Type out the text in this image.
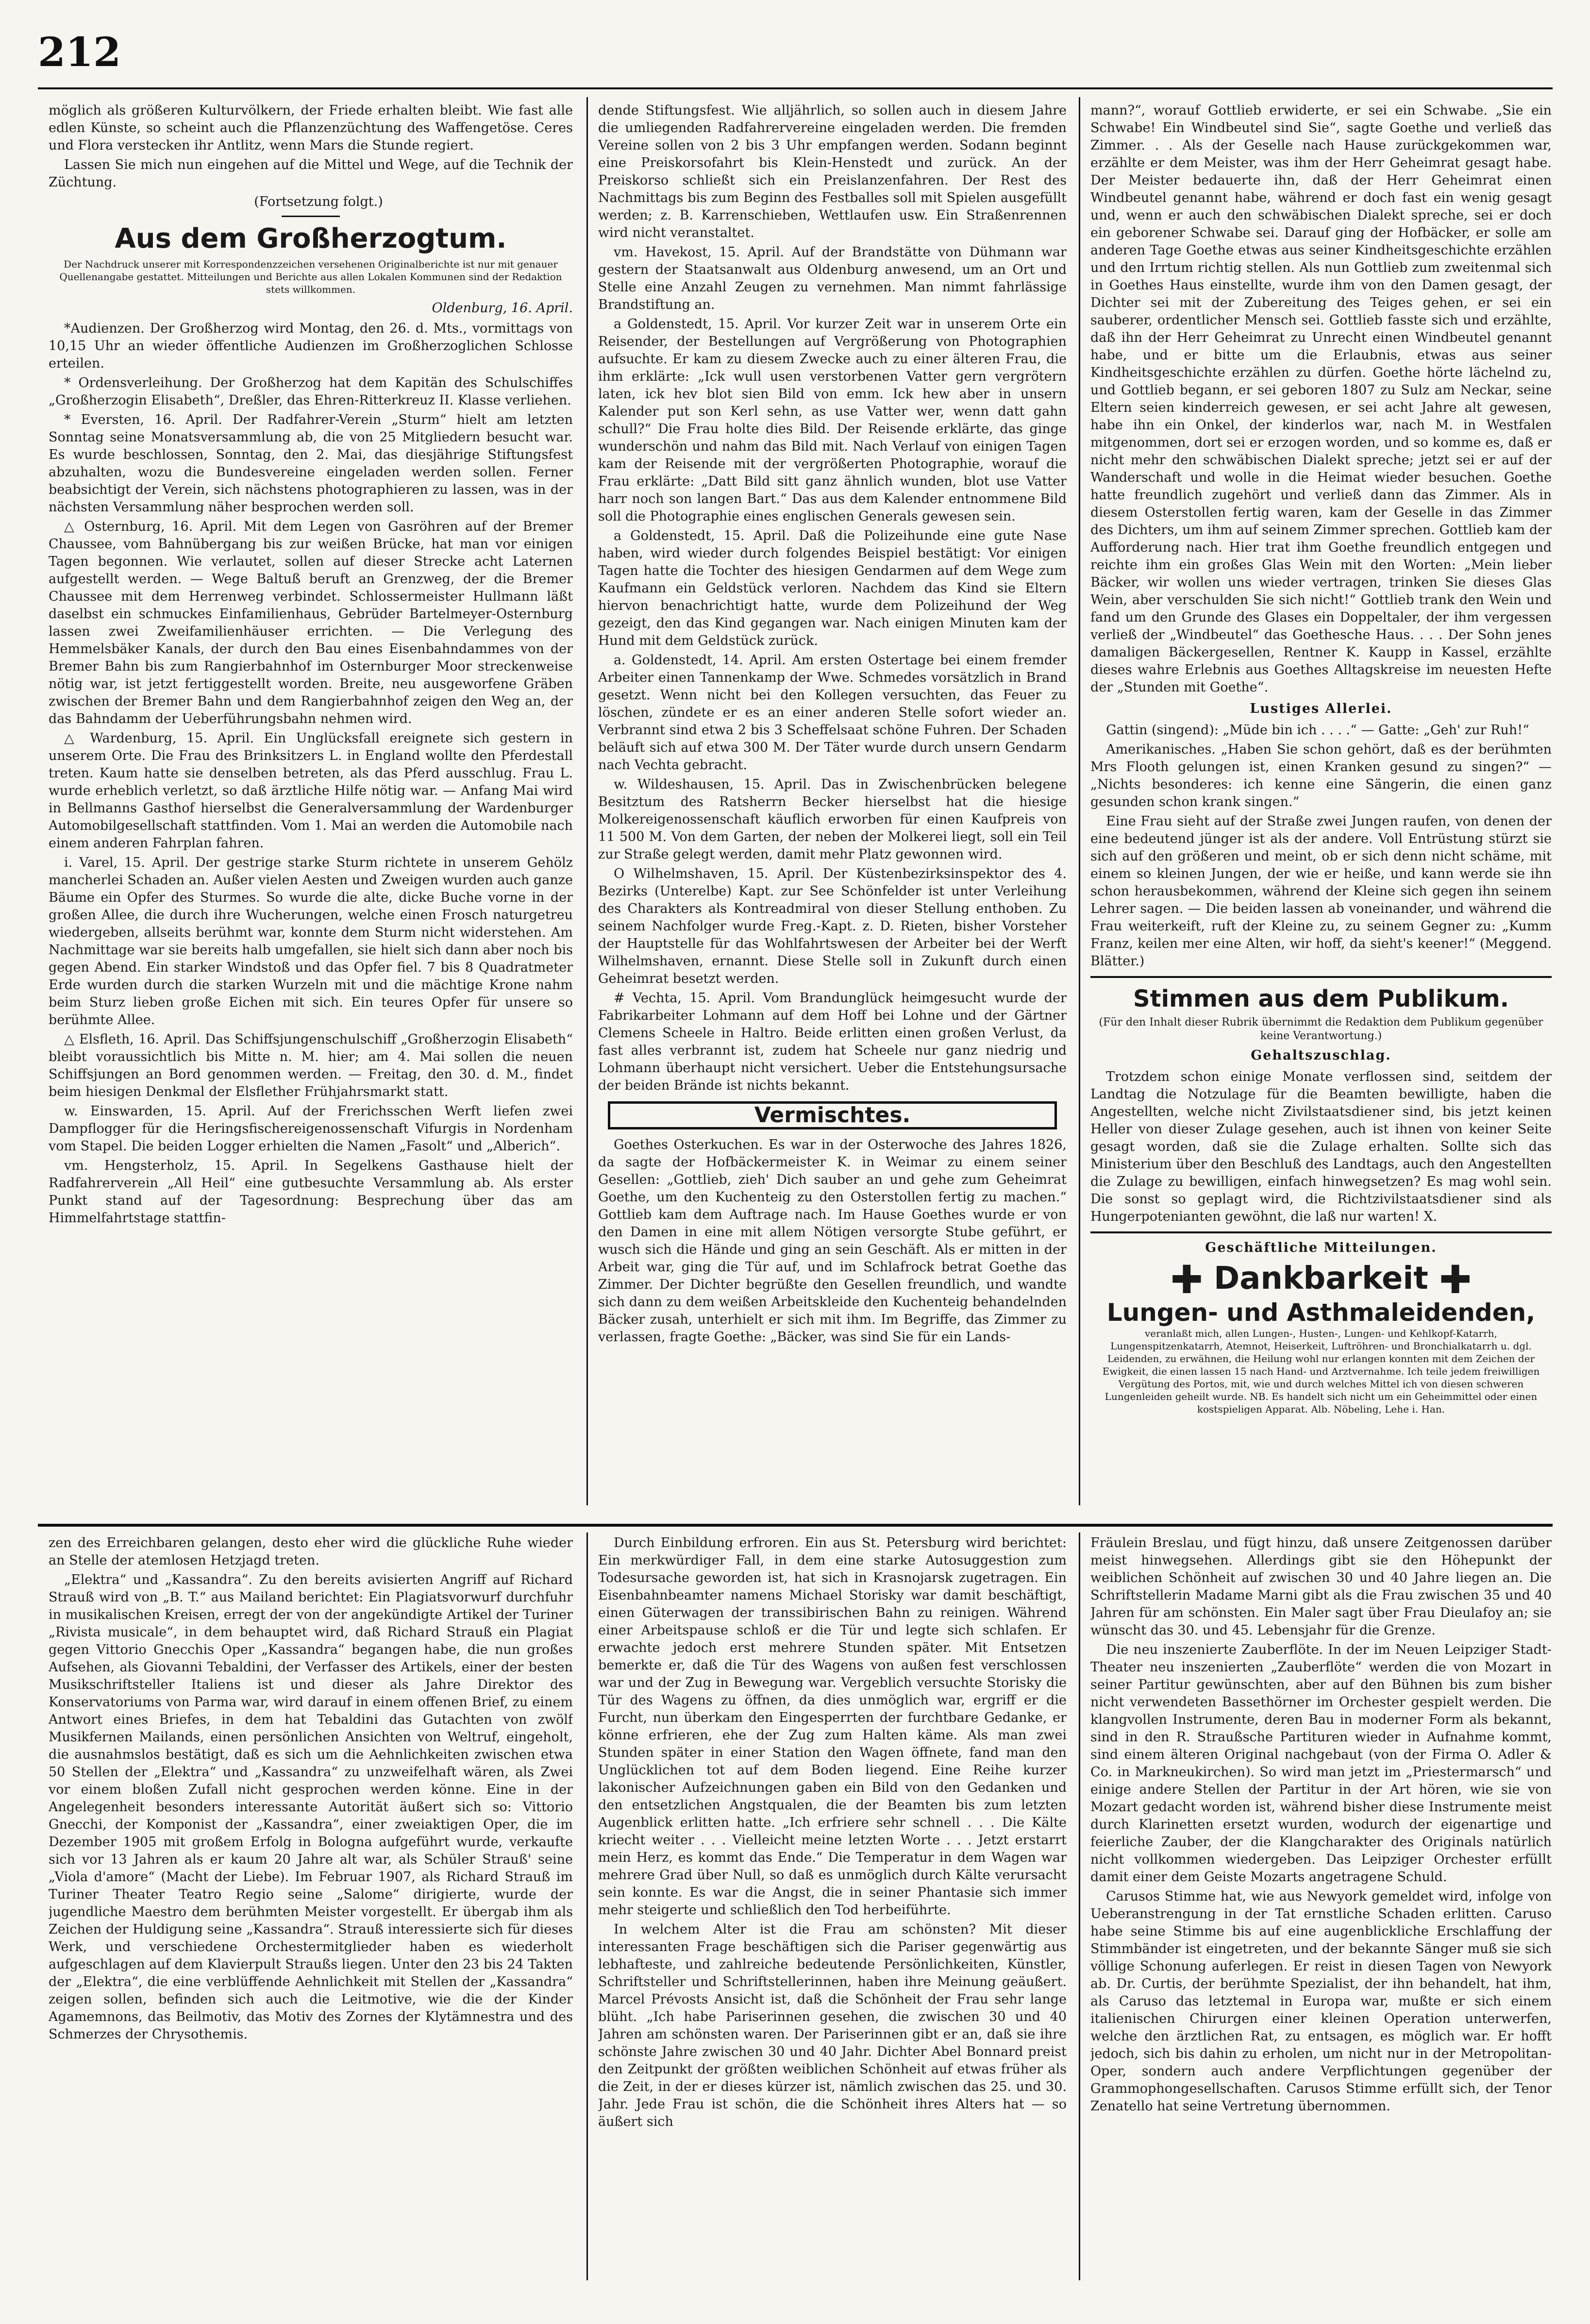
212

möglich als größeren Kulturvölkern, der Friede erhalten bleibt. Wie fast alle edlen Künste, so scheint auch die Pflanzenzüchtung des Waffengetöse. Ceres und Flora verstecken ihr Antlitz, wenn Mars die Stunde regiert.

Lassen Sie mich nun eingehen auf die Mittel und Wege, auf die Technik der Züchtung.

(Fortsetzung folgt.)

Aus dem Großherzogtum.
Der Nachdruck unserer mit Korrespondenzzeichen versehenen Originalberichte ist nur mit genauer Quellenangabe gestattet. Mitteilungen und Berichte aus allen Lokalen Kommunen sind der Redaktion stets willkommen.
Oldenburg, 16. April.

*Audienzen. Der Großherzog wird Montag, den 26. d. Mts., vormittags von 10,15 Uhr an wieder öffentliche Audienzen im Großherzoglichen Schlosse erteilen.

* Ordensverleihung. Der Großherzog hat dem Kapitän des Schulschiffes „Großherzogin Elisabeth“, Dreßler, das Ehren-Ritterkreuz II. Klasse verliehen.

* Eversten, 16. April. Der Radfahrer-Verein „Sturm“ hielt am letzten Sonntag seine Monatsversammlung ab, die von 25 Mitgliedern besucht war. Es wurde beschlossen, Sonntag, den 2. Mai, das diesjährige Stiftungsfest abzuhalten, wozu die Bundesvereine eingeladen werden sollen. Ferner beabsichtigt der Verein, sich nächstens photographieren zu lassen, was in der nächsten Versammlung näher besprochen werden soll.

△ Osternburg, 16. April. Mit dem Legen von Gasröhren auf der Bremer Chaussee, vom Bahnübergang bis zur weißen Brücke, hat man vor einigen Tagen begonnen. Wie verlautet, sollen auf dieser Strecke acht Laternen aufgestellt werden. — Wege Baltuß beruft an Grenzweg, der die Bremer Chaussee mit dem Herrenweg verbindet. Schlossermeister Hullmann läßt daselbst ein schmuckes Einfamilienhaus, Gebrüder Bartelmeyer-Osternburg lassen zwei Zweifamilienhäuser errichten. — Die Verlegung des Hemmelsbäker Kanals, der durch den Bau eines Eisenbahndammes von der Bremer Bahn bis zum Rangierbahnhof im Osternburger Moor streckenweise nötig war, ist jetzt fertiggestellt worden. Breite, neu ausgeworfene Gräben zwischen der Bremer Bahn und dem Rangierbahnhof zeigen den Weg an, der das Bahndamm der Ueberführungsbahn nehmen wird.

△ Wardenburg, 15. April. Ein Unglücksfall ereignete sich gestern in unserem Orte. Die Frau des Brinksitzers L. in England wollte den Pferdestall treten. Kaum hatte sie denselben betreten, als das Pferd ausschlug. Frau L. wurde erheblich verletzt, so daß ärztliche Hilfe nötig war. — Anfang Mai wird in Bellmanns Gasthof hierselbst die Generalversammlung der Wardenburger Automobilgesellschaft stattfinden. Vom 1. Mai an werden die Automobile nach einem anderen Fahrplan fahren.

i. Varel, 15. April. Der gestrige starke Sturm richtete in unserem Gehölz mancherlei Schaden an. Außer vielen Aesten und Zweigen wurden auch ganze Bäume ein Opfer des Sturmes. So wurde die alte, dicke Buche vorne in der großen Allee, die durch ihre Wucherungen, welche einen Frosch naturgetreu wiedergeben, allseits berühmt war, konnte dem Sturm nicht widerstehen. Am Nachmittage war sie bereits halb umgefallen, sie hielt sich dann aber noch bis gegen Abend. Ein starker Windstoß und das Opfer fiel. 7 bis 8 Quadratmeter Erde wurden durch die starken Wurzeln mit und die mächtige Krone nahm beim Sturz lieben große Eichen mit sich. Ein teures Opfer für unsere so berühmte Allee.

△ Elsfleth, 16. April. Das Schiffsjungenschulschiff „Großherzogin Elisabeth“ bleibt voraussichtlich bis Mitte n. M. hier; am 4. Mai sollen die neuen Schiffsjungen an Bord genommen werden. — Freitag, den 30. d. M., findet beim hiesigen Denkmal der Elsflether Frühjahrsmarkt statt.

w. Einswarden, 15. April. Auf der Frerichsschen Werft liefen zwei Dampflogger für die Heringsfischereigenossenschaft Vifurgis in Nordenham vom Stapel. Die beiden Logger erhielten die Namen „Fasolt“ und „Alberich“.

vm. Hengsterholz, 15. April. In Segelkens Gasthause hielt der Radfahrerverein „All Heil“ eine gutbesuchte Versammlung ab. Als erster Punkt stand auf der Tagesordnung: Besprechung über das am Himmelfahrtstage stattfin-

dende Stiftungsfest. Wie alljährlich, so sollen auch in diesem Jahre die umliegenden Radfahrervereine eingeladen werden. Die fremden Vereine sollen von 2 bis 3 Uhr empfangen werden. Sodann beginnt eine Preiskorsofahrt bis Klein-Henstedt und zurück. An der Preiskorso schließt sich ein Preislanzenfahren. Der Rest des Nachmittags bis zum Beginn des Festballes soll mit Spielen ausgefüllt werden; z. B. Karrenschieben, Wettlaufen usw. Ein Straßenrennen wird nicht veranstaltet.

vm. Havekost, 15. April. Auf der Brandstätte von Dühmann war gestern der Staatsanwalt aus Oldenburg anwesend, um an Ort und Stelle eine Anzahl Zeugen zu vernehmen. Man nimmt fahrlässige Brandstiftung an.

a Goldenstedt, 15. April. Vor kurzer Zeit war in unserem Orte ein Reisender, der Bestellungen auf Vergrößerung von Photographien aufsuchte. Er kam zu diesem Zwecke auch zu einer älteren Frau, die ihm erklärte: „Ick wull usen verstorbenen Vatter gern vergrötern laten, ick hev blot sien Bild von emm. Ick hew aber in unsern Kalender put son Kerl sehn, as use Vatter wer, wenn datt gahn schull?“ Die Frau holte dies Bild. Der Reisende erklärte, das ginge wunderschön und nahm das Bild mit. Nach Verlauf von einigen Tagen kam der Reisende mit der vergrößerten Photographie, worauf die Frau erklärte: „Datt Bild sitt ganz ähnlich wunden, blot use Vatter harr noch son langen Bart.“ Das aus dem Kalender entnommene Bild soll die Photographie eines englischen Generals gewesen sein.

a Goldenstedt, 15. April. Daß die Polizeihunde eine gute Nase haben, wird wieder durch folgendes Beispiel bestätigt: Vor einigen Tagen hatte die Tochter des hiesigen Gendarmen auf dem Wege zum Kaufmann ein Geldstück verloren. Nachdem das Kind sie Eltern hiervon benachrichtigt hatte, wurde dem Polizeihund der Weg gezeigt, den das Kind gegangen war. Nach einigen Minuten kam der Hund mit dem Geldstück zurück.

a. Goldenstedt, 14. April. Am ersten Ostertage bei einem fremder Arbeiter einen Tannenkamp der Wwe. Schmedes vorsätzlich in Brand gesetzt. Wenn nicht bei den Kollegen versuchten, das Feuer zu löschen, zündete er es an einer anderen Stelle sofort wieder an. Verbrannt sind etwa 2 bis 3 Scheffelsaat schöne Fuhren. Der Schaden beläuft sich auf etwa 300 M. Der Täter wurde durch unsern Gendarm nach Vechta gebracht.

w. Wildeshausen, 15. April. Das in Zwischenbrücken belegene Besitztum des Ratsherrn Becker hierselbst hat die hiesige Molkereigenossenschaft käuflich erworben für einen Kaufpreis von 11 500 M. Von dem Garten, der neben der Molkerei liegt, soll ein Teil zur Straße gelegt werden, damit mehr Platz gewonnen wird.

O Wilhelmshaven, 15. April. Der Küstenbezirksinspektor des 4. Bezirks (Unterelbe) Kapt. zur See Schönfelder ist unter Verleihung des Charakters als Kontreadmiral von dieser Stellung enthoben. Zu seinem Nachfolger wurde Freg.-Kapt. z. D. Rieten, bisher Vorsteher der Hauptstelle für das Wohlfahrtswesen der Arbeiter bei der Werft Wilhelmshaven, ernannt. Diese Stelle soll in Zukunft durch einen Geheimrat besetzt werden.

# Vechta, 15. April. Vom Brandunglück heimgesucht wurde der Fabrikarbeiter Lohmann auf dem Hoff bei Lohne und der Gärtner Clemens Scheele in Haltro. Beide erlitten einen großen Verlust, da fast alles verbrannt ist, zudem hat Scheele nur ganz niedrig und Lohmann überhaupt nicht versichert. Ueber die Entstehungsursache der beiden Brände ist nichts bekannt.

Vermischtes.

Goethes Osterkuchen. Es war in der Osterwoche des Jahres 1826, da sagte der Hofbäckermeister K. in Weimar zu einem seiner Gesellen: „Gottlieb, zieh' Dich sauber an und gehe zum Geheimrat Goethe, um den Kuchenteig zu den Osterstollen fertig zu machen.“ Gottlieb kam dem Auftrage nach. Im Hause Goethes wurde er von den Damen in eine mit allem Nötigen versorgte Stube geführt, er wusch sich die Hände und ging an sein Geschäft. Als er mitten in der Arbeit war, ging die Tür auf, und im Schlafrock betrat Goethe das Zimmer. Der Dichter begrüßte den Gesellen freundlich, und wandte sich dann zu dem weißen Arbeitskleide den Kuchenteig behandelnden Bäcker zusah, unterhielt er sich mit ihm. Im Begriffe, das Zimmer zu verlassen, fragte Goethe: „Bäcker, was sind Sie für ein Lands-

mann?“, worauf Gottlieb erwiderte, er sei ein Schwabe. „Sie ein Schwabe! Ein Windbeutel sind Sie“, sagte Goethe und verließ das Zimmer. . . Als der Geselle nach Hause zurückgekommen war, erzählte er dem Meister, was ihm der Herr Geheimrat gesagt habe. Der Meister bedauerte ihn, daß der Herr Geheimrat einen Windbeutel genannt habe, während er doch fast ein wenig gesagt und, wenn er auch den schwäbischen Dialekt spreche, sei er doch ein geborener Schwabe sei. Darauf ging der Hofbäcker, er solle am anderen Tage Goethe etwas aus seiner Kindheitsgeschichte erzählen und den Irrtum richtig stellen. Als nun Gottlieb zum zweitenmal sich in Goethes Haus einstellte, wurde ihm von den Damen gesagt, der Dichter sei mit der Zubereitung des Teiges gehen, er sei ein sauberer, ordentlicher Mensch sei. Gottlieb fasste sich und erzählte, daß ihn der Herr Geheimrat zu Unrecht einen Windbeutel genannt habe, und er bitte um die Erlaubnis, etwas aus seiner Kindheitsgeschichte erzählen zu dürfen. Goethe hörte lächelnd zu, und Gottlieb begann, er sei geboren 1807 zu Sulz am Neckar, seine Eltern seien kinderreich gewesen, er sei acht Jahre alt gewesen, habe ihn ein Onkel, der kinderlos war, nach M. in Westfalen mitgenommen, dort sei er erzogen worden, und so komme es, daß er nicht mehr den schwäbischen Dialekt spreche; jetzt sei er auf der Wanderschaft und wolle in die Heimat wieder besuchen. Goethe hatte freundlich zugehört und verließ dann das Zimmer. Als in diesem Osterstollen fertig waren, kam der Geselle in das Zimmer des Dichters, um ihm auf seinem Zimmer sprechen. Gottlieb kam der Aufforderung nach. Hier trat ihm Goethe freundlich entgegen und reichte ihm ein großes Glas Wein mit den Worten: „Mein lieber Bäcker, wir wollen uns wieder vertragen, trinken Sie dieses Glas Wein, aber verschulden Sie sich nicht!“ Gottlieb trank den Wein und fand um den Grunde des Glases ein Doppeltaler, der ihm vergessen verließ der „Windbeutel“ das Goethesche Haus. . . . Der Sohn jenes damaligen Bäckergesellen, Rentner K. Kaupp in Kassel, erzählte dieses wahre Erlebnis aus Goethes Alltagskreise im neuesten Hefte der „Stunden mit Goethe“.

Lustiges Allerlei.

Gattin (singend): „Müde bin ich . . . .“ — Gatte: „Geh' zur Ruh!“

Amerikanisches. „Haben Sie schon gehört, daß es der berühmten Mrs Flooth gelungen ist, einen Kranken gesund zu singen?“ — „Nichts besonderes: ich kenne eine Sängerin, die einen ganz gesunden schon krank singen.“

Eine Frau sieht auf der Straße zwei Jungen raufen, von denen der eine bedeutend jünger ist als der andere. Voll Entrüstung stürzt sie sich auf den größeren und meint, ob er sich denn nicht schäme, mit einem so kleinen Jungen, der wie er heiße, und kann werde sie ihn schon herausbekommen, während der Kleine sich gegen ihn seinem Lehrer sagen. — Die beiden lassen ab voneinander, und während die Frau weiterkeift, ruft der Kleine zu, zu seinem Gegner zu: „Kumm Franz, keilen mer eine Alten, wir hoff, da sieht's keener!“ (Meggend. Blätter.)

Stimmen aus dem Publikum.
(Für den Inhalt dieser Rubrik übernimmt die Redaktion dem Publikum gegenüber keine Verantwortung.)
Gehaltszuschlag.

Trotzdem schon einige Monate verflossen sind, seitdem der Landtag die Notzulage für die Beamten bewilligte, haben die Angestellten, welche nicht Zivilstaatsdiener sind, bis jetzt keinen Heller von dieser Zulage gesehen, auch ist ihnen von keiner Seite gesagt worden, daß sie die Zulage erhalten. Sollte sich das Ministerium über den Beschluß des Landtags, auch den Angestellten die Zulage zu bewilligen, einfach hinwegsetzen? Es mag wohl sein. Die sonst so geplagt wird, die Richtzivilstaatsdiener sind als Hungerpotenianten gewöhnt, die laß nur warten! X.

Geschäftliche Mitteilungen.
✚ Dankbarkeit ✚
Lungen- und Asthmaleidenden,
veranlaßt mich, allen Lungen-, Husten-, Lungen- und Kehlkopf-Katarrh, Lungenspitzenkatarrh, Atemnot, Heiserkeit, Luftröhren- und Bronchialkatarrh u. dgl. Leidenden, zu erwähnen, die Heilung wohl nur erlangen konnten mit dem Zeichen der Ewigkeit, die einen lassen 15 nach Hand- und Arztvernahme. Ich teile jedem freiwilligen Vergütung des Portos, mit, wie und durch welches Mittel ich von diesen schweren Lungenleiden geheilt wurde. NB. Es handelt sich nicht um ein Geheimmittel oder einen kostspieligen Apparat. Alb. Nöbeling, Lehe i. Han.

zen des Erreichbaren gelangen, desto eher wird die glückliche Ruhe wieder an Stelle der atemlosen Hetzjagd treten.

„Elektra“ und „Kassandra“. Zu den bereits avisierten Angriff auf Richard Strauß wird von „B. T.“ aus Mailand berichtet: Ein Plagiatsvorwurf durchfuhr in musikalischen Kreisen, erregt der von der angekündigte Artikel der Turiner „Rivista musicale“, in dem behauptet wird, daß Richard Strauß ein Plagiat gegen Vittorio Gnecchis Oper „Kassandra“ begangen habe, die nun großes Aufsehen, als Giovanni Tebaldini, der Verfasser des Artikels, einer der besten Musikschriftsteller Italiens ist und dieser als Jahre Direktor des Konservatoriums von Parma war, wird darauf in einem offenen Brief, zu einem Antwort eines Briefes, in dem hat Tebaldini das Gutachten von zwölf Musikfernen Mailands, einen persönlichen Ansichten von Weltruf, eingeholt, die ausnahmslos bestätigt, daß es sich um die Aehnlichkeiten zwischen etwa 50 Stellen der „Elektra“ und „Kassandra“ zu unzweifelhaft wären, als Zwei vor einem bloßen Zufall nicht gesprochen werden könne. Eine in der Angelegenheit besonders interessante Autorität äußert sich so: Vittorio Gnecchi, der Komponist der „Kassandra“, einer zweiaktigen Oper, die im Dezember 1905 mit großem Erfolg in Bologna aufgeführt wurde, verkaufte sich vor 13 Jahren als er kaum 20 Jahre alt war, als Schüler Strauß' seine „Viola d'amore“ (Macht der Liebe). Im Februar 1907, als Richard Strauß im Turiner Theater Teatro Regio seine „Salome“ dirigierte, wurde der jugendliche Maestro dem berühmten Meister vorgestellt. Er übergab ihm als Zeichen der Huldigung seine „Kassandra“. Strauß interessierte sich für dieses Werk, und verschiedene Orchestermitglieder haben es wiederholt aufgeschlagen auf dem Klavierpult Straußs liegen. Unter den 23 bis 24 Takten der „Elektra“, die eine verblüffende Aehnlichkeit mit Stellen der „Kassandra“ zeigen sollen, befinden sich auch die Leitmotive, wie die der Kinder Agamemnons, das Beilmotiv, das Motiv des Zornes der Klytämnestra und des Schmerzes der Chrysothemis.

Durch Einbildung erfroren. Ein aus St. Petersburg wird berichtet: Ein merkwürdiger Fall, in dem eine starke Autosuggestion zum Todesursache geworden ist, hat sich in Krasnojarsk zugetragen. Ein Eisenbahnbeamter namens Michael Storisky war damit beschäftigt, einen Güterwagen der transsibirischen Bahn zu reinigen. Während einer Arbeitspause schloß er die Tür und legte sich schlafen. Er erwachte jedoch erst mehrere Stunden später. Mit Entsetzen bemerkte er, daß die Tür des Wagens von außen fest verschlossen war und der Zug in Bewegung war. Vergeblich versuchte Storisky die Tür des Wagens zu öffnen, da dies unmöglich war, ergriff er die Furcht, nun überkam den Eingesperrten der furchtbare Gedanke, er könne erfrieren, ehe der Zug zum Halten käme. Als man zwei Stunden später in einer Station den Wagen öffnete, fand man den Unglücklichen tot auf dem Boden liegend. Eine Reihe kurzer lakonischer Aufzeichnungen gaben ein Bild von den Gedanken und den entsetzlichen Angstqualen, die der Beamten bis zum letzten Augenblick erlitten hatte. „Ich erfriere sehr schnell . . . Die Kälte kriecht weiter . . . Vielleicht meine letzten Worte . . . Jetzt erstarrt mein Herz, es kommt das Ende.“ Die Temperatur in dem Wagen war mehrere Grad über Null, so daß es unmöglich durch Kälte verursacht sein konnte. Es war die Angst, die in seiner Phantasie sich immer mehr steigerte und schließlich den Tod herbeiführte.

In welchem Alter ist die Frau am schönsten? Mit dieser interessanten Frage beschäftigen sich die Pariser gegenwärtig aus lebhafteste, und zahlreiche bedeutende Persönlichkeiten, Künstler, Schriftsteller und Schriftstellerinnen, haben ihre Meinung geäußert. Marcel Prévosts Ansicht ist, daß die Schönheit der Frau sehr lange blüht. „Ich habe Pariserinnen gesehen, die zwischen 30 und 40 Jahren am schönsten waren. Der Pariserinnen gibt er an, daß sie ihre schönste Jahre zwischen 30 und 40 Jahr. Dichter Abel Bonnard preist den Zeitpunkt der größten weiblichen Schönheit auf etwas früher als die Zeit, in der er dieses kürzer ist, nämlich zwischen das 25. und 30. Jahr. Jede Frau ist schön, die die Schönheit ihres Alters hat — so äußert sich

Fräulein Breslau, und fügt hinzu, daß unsere Zeitgenossen darüber meist hinwegsehen. Allerdings gibt sie den Höhepunkt der weiblichen Schönheit auf zwischen 30 und 40 Jahre liegen an. Die Schriftstellerin Madame Marni gibt als die Frau zwischen 35 und 40 Jahren für am schönsten. Ein Maler sagt über Frau Dieulafoy an; sie wünscht das 30. und 45. Lebensjahr für die Grenze.

Die neu inszenierte Zauberflöte. In der im Neuen Leipziger Stadt-Theater neu inszenierten „Zauberflöte“ werden die von Mozart in seiner Partitur gewünschten, aber auf den Bühnen bis zum bisher nicht verwendeten Bassethörner im Orchester gespielt werden. Die klangvollen Instrumente, deren Bau in moderner Form als bekannt, sind in den R. Straußsche Partituren wieder in Aufnahme kommt, sind einem älteren Original nachgebaut (von der Firma O. Adler & Co. in Markneukirchen). So wird man jetzt im „Priestermarsch“ und einige andere Stellen der Partitur in der Art hören, wie sie von Mozart gedacht worden ist, während bisher diese Instrumente meist durch Klarinetten ersetzt wurden, wodurch der eigenartige und feierliche Zauber, der die Klangcharakter des Originals natürlich nicht vollkommen wiedergeben. Das Leipziger Orchester erfüllt damit einer dem Geiste Mozarts angetragene Schuld.

Carusos Stimme hat, wie aus Newyork gemeldet wird, infolge von Ueberanstrengung in der Tat ernstliche Schaden erlitten. Caruso habe seine Stimme bis auf eine augenblickliche Erschlaffung der Stimmbänder ist eingetreten, und der bekannte Sänger muß sie sich völlige Schonung auferlegen. Er reist in diesen Tagen von Newyork ab. Dr. Curtis, der berühmte Spezialist, der ihn behandelt, hat ihm, als Caruso das letztemal in Europa war, mußte er sich einem italienischen Chirurgen einer kleinen Operation unterwerfen, welche den ärztlichen Rat, zu entsagen, es möglich war. Er hofft jedoch, sich bis dahin zu erholen, um nicht nur in der Metropolitan-Oper, sondern auch andere Verpflichtungen gegenüber der Grammophongesellschaften. Carusos Stimme erfüllt sich, der Tenor Zenatello hat seine Vertretung übernommen.
